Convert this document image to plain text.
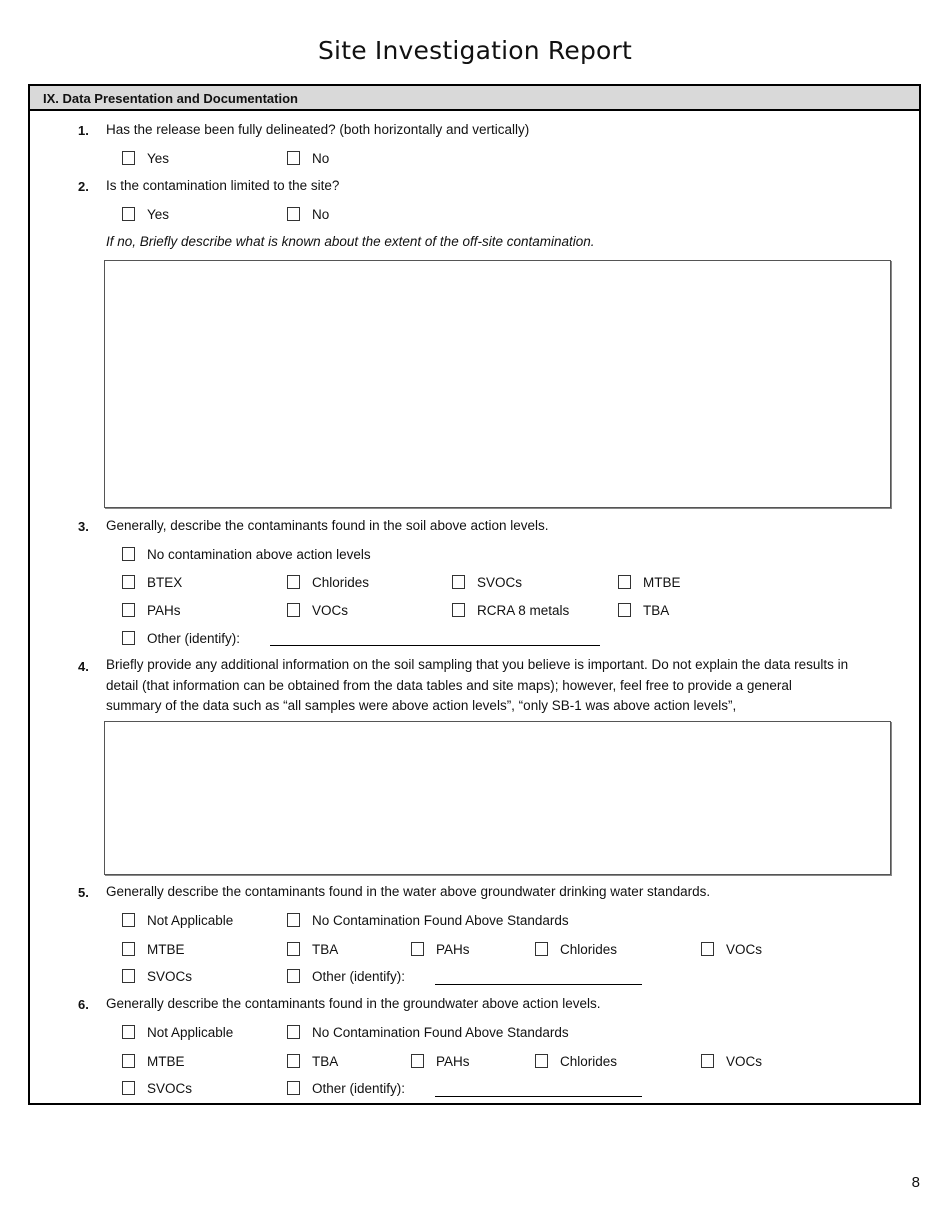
Site Investigation Report
IX. Data Presentation and Documentation
1. Has the release been fully delineated? (both horizontally and vertically)
Yes	No
2. Is the contamination limited to the site?
Yes	No
If no, Briefly describe what is known about the extent of the off-site contamination.
3. Generally, describe the contaminants found in the soil above action levels.
No contamination above action levels
BTEX	Chlorides	SVOCs	MTBE
PAHs	VOCs	RCRA 8 metals	TBA
Other (identify):
4. Briefly provide any additional information on the soil sampling that you believe is important. Do not explain the data results in detail (that information can be obtained from the data tables and site maps); however, feel free to provide a general summary of the data such as “all samples were above action levels”, “only SB-1 was above action levels”,
5. Generally describe the contaminants found in the water above groundwater drinking water standards.
Not Applicable	No Contamination Found Above Standards
MTBE	TBA	PAHs	Chlorides	VOCs
SVOCs	Other (identify):
6. Generally describe the contaminants found in the groundwater above action levels.
Not Applicable	No Contamination Found Above Standards
MTBE	TBA	PAHs	Chlorides	VOCs
SVOCs	Other (identify):
8
